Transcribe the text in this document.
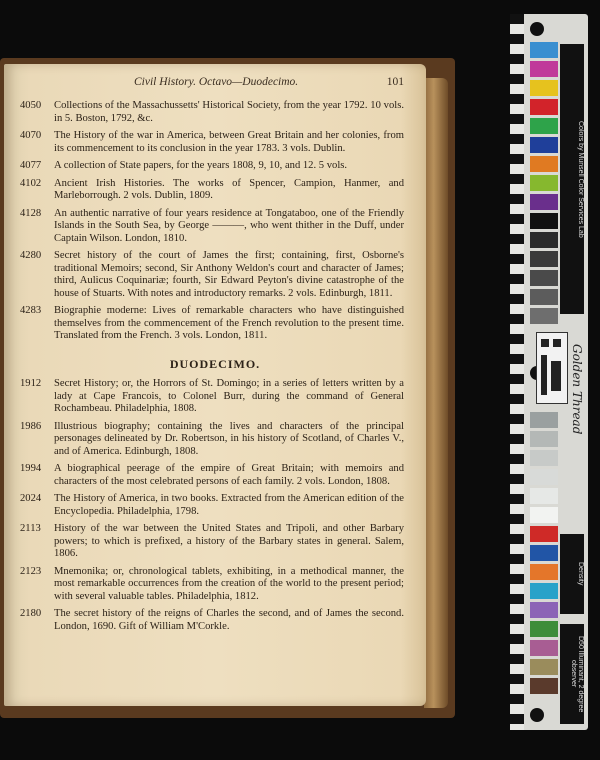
Civil History. Octavo—Duodecimo.	101
4050	Collections of the Massachussetts' Historical Society, from the year 1792. 10 vols. in 5. Boston, 1792, &c.
4070	The History of the war in America, between Great Britain and her colonies, from its commencement to its conclusion in the year 1783. 3 vols. Dublin.
4077	A collection of State papers, for the years 1808, 9, 10, and 12. 5 vols.
4102	Ancient Irish Histories. The works of Spencer, Campion, Hanmer, and Marleborrough. 2 vols. Dublin, 1809.
4128	An authentic narrative of four years residence at Tongataboo, one of the Friendly Islands in the South Sea, by George ———, who went thither in the Duff, under Captain Wilson. London, 1810.
4280	Secret history of the court of James the first; containing, first, Osborne's traditional Memoirs; second, Sir Anthony Weldon's court and character of James; third, Aulicus Coquinariæ; fourth, Sir Edward Peyton's divine catastrophe of the house of Stuarts. With notes and introductory remarks. 2 vols. Edinburgh, 1811.
4283	Biographie moderne: Lives of remarkable characters who have distinguished themselves from the commencement of the French revolution to the present time. Translated from the French. 3 vols. London, 1811.
DUODECIMO.
1912	Secret History; or, the Horrors of St. Domingo; in a series of letters written by a lady at Cape Francois, to Colonel Burr, during the command of General Rochambeau. Philadelphia, 1808.
1986	Illustrious biography; containing the lives and characters of the principal personages delineated by Dr. Robertson, in his history of Scotland, of Charles V., and of America. Edinburgh, 1808.
1994	A biographical peerage of the empire of Great Britain; with memoirs and characters of the most celebrated persons of each family. 2 vols. London, 1808.
2024	The History of America, in two books. Extracted from the American edition of the Encyclopedia. Philadelphia, 1798.
2113	History of the war between the United States and Tripoli, and other Barbary powers; to which is prefixed, a history of the Barbary states in general. Salem, 1806.
2123	Mnemonika; or, chronological tablets, exhibiting, in a methodical manner, the most remarkable occurrences from the creation of the world to the present period; with several valuable tables. Philadelphia, 1812.
2180	The secret history of the reigns of Charles the second, and of James the second. London, 1690. Gift of William M'Corkle.
Colors by Munsell Color Services Lab
Golden Thread
Density
D50 Illuminant, 2 degree observer
